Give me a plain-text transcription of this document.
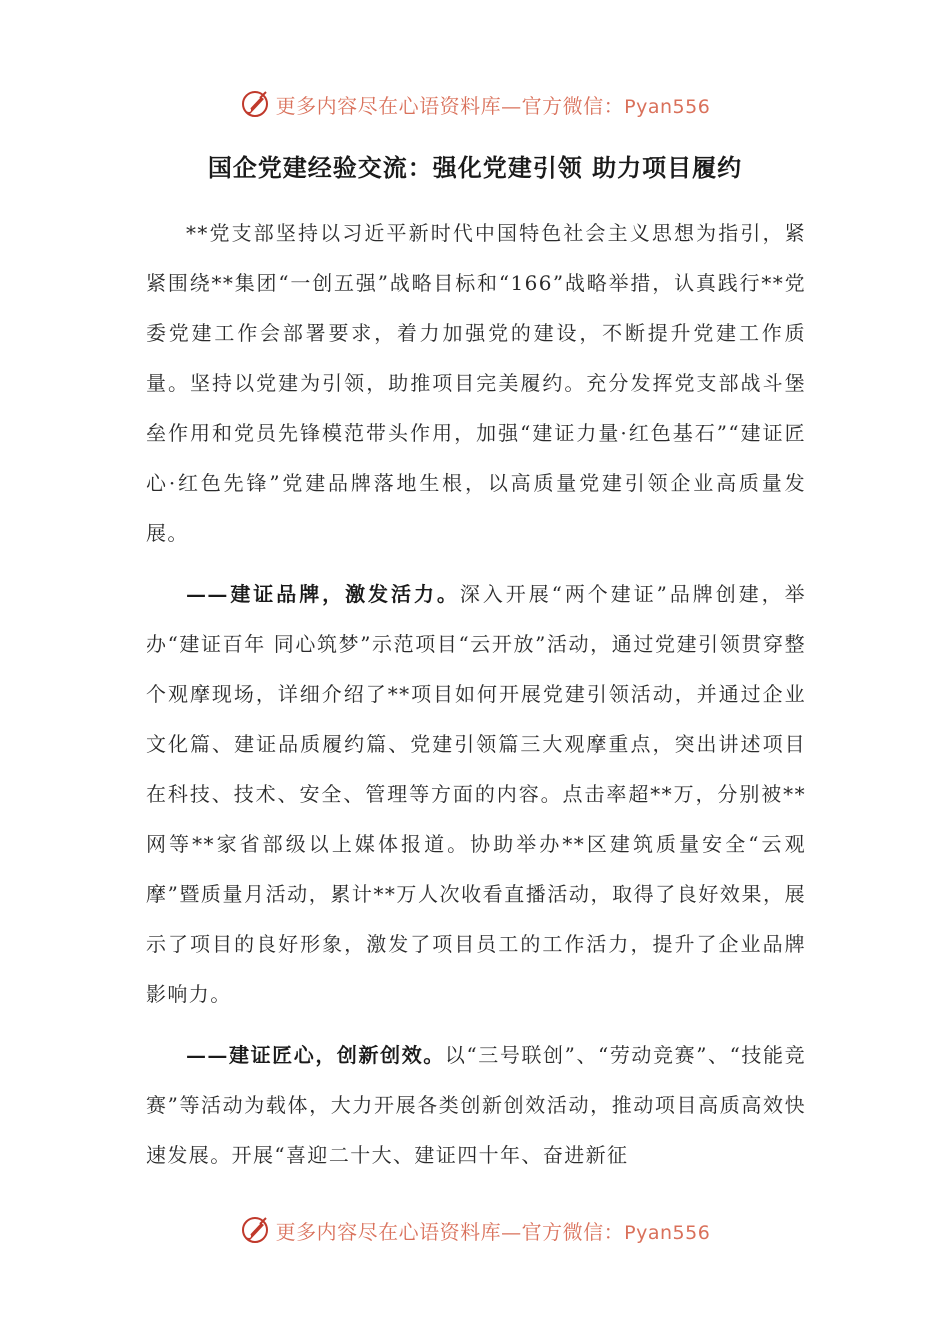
更多内容尽在心语资料库—官方微信：Pyan556
国企党建经验交流：强化党建引领 助力项目履约

**党支部坚持以习近平新时代中国特色社会主义思想为指引，紧紧围绕**集团“一创五强”战略目标和“166”战略举措，认真践行**党委党建工作会部署要求，着力加强党的建设，不断提升党建工作质量。坚持以党建为引领，助推项目完美履约。充分发挥党支部战斗堡垒作用和党员先锋模范带头作用，加强“建证力量·红色基石”“建证匠心·红色先锋”党建品牌落地生根，以高质量党建引领企业高质量发展。

——建证品牌，激发活力。深入开展“两个建证”品牌创建，举办“建证百年 同心筑梦”示范项目“云开放”活动，通过党建引领贯穿整个观摩现场，详细介绍了**项目如何开展党建引领活动，并通过企业文化篇、建证品质履约篇、党建引领篇三大观摩重点，突出讲述项目在科技、技术、安全、管理等方面的内容。点击率超**万，分别被**网等**家省部级以上媒体报道。协助举办**区建筑质量安全“云观摩”暨质量月活动，累计**万人次收看直播活动，取得了良好效果，展示了项目的良好形象，激发了项目员工的工作活力，提升了企业品牌影响力。

——建证匠心，创新创效。以“三号联创”、“劳动竞赛”、“技能竞赛”等活动为载体，大力开展各类创新创效活动，推动项目高质高效快速发展。开展“喜迎二十大、建证四十年、奋进新征

更多内容尽在心语资料库—官方微信：Pyan556
